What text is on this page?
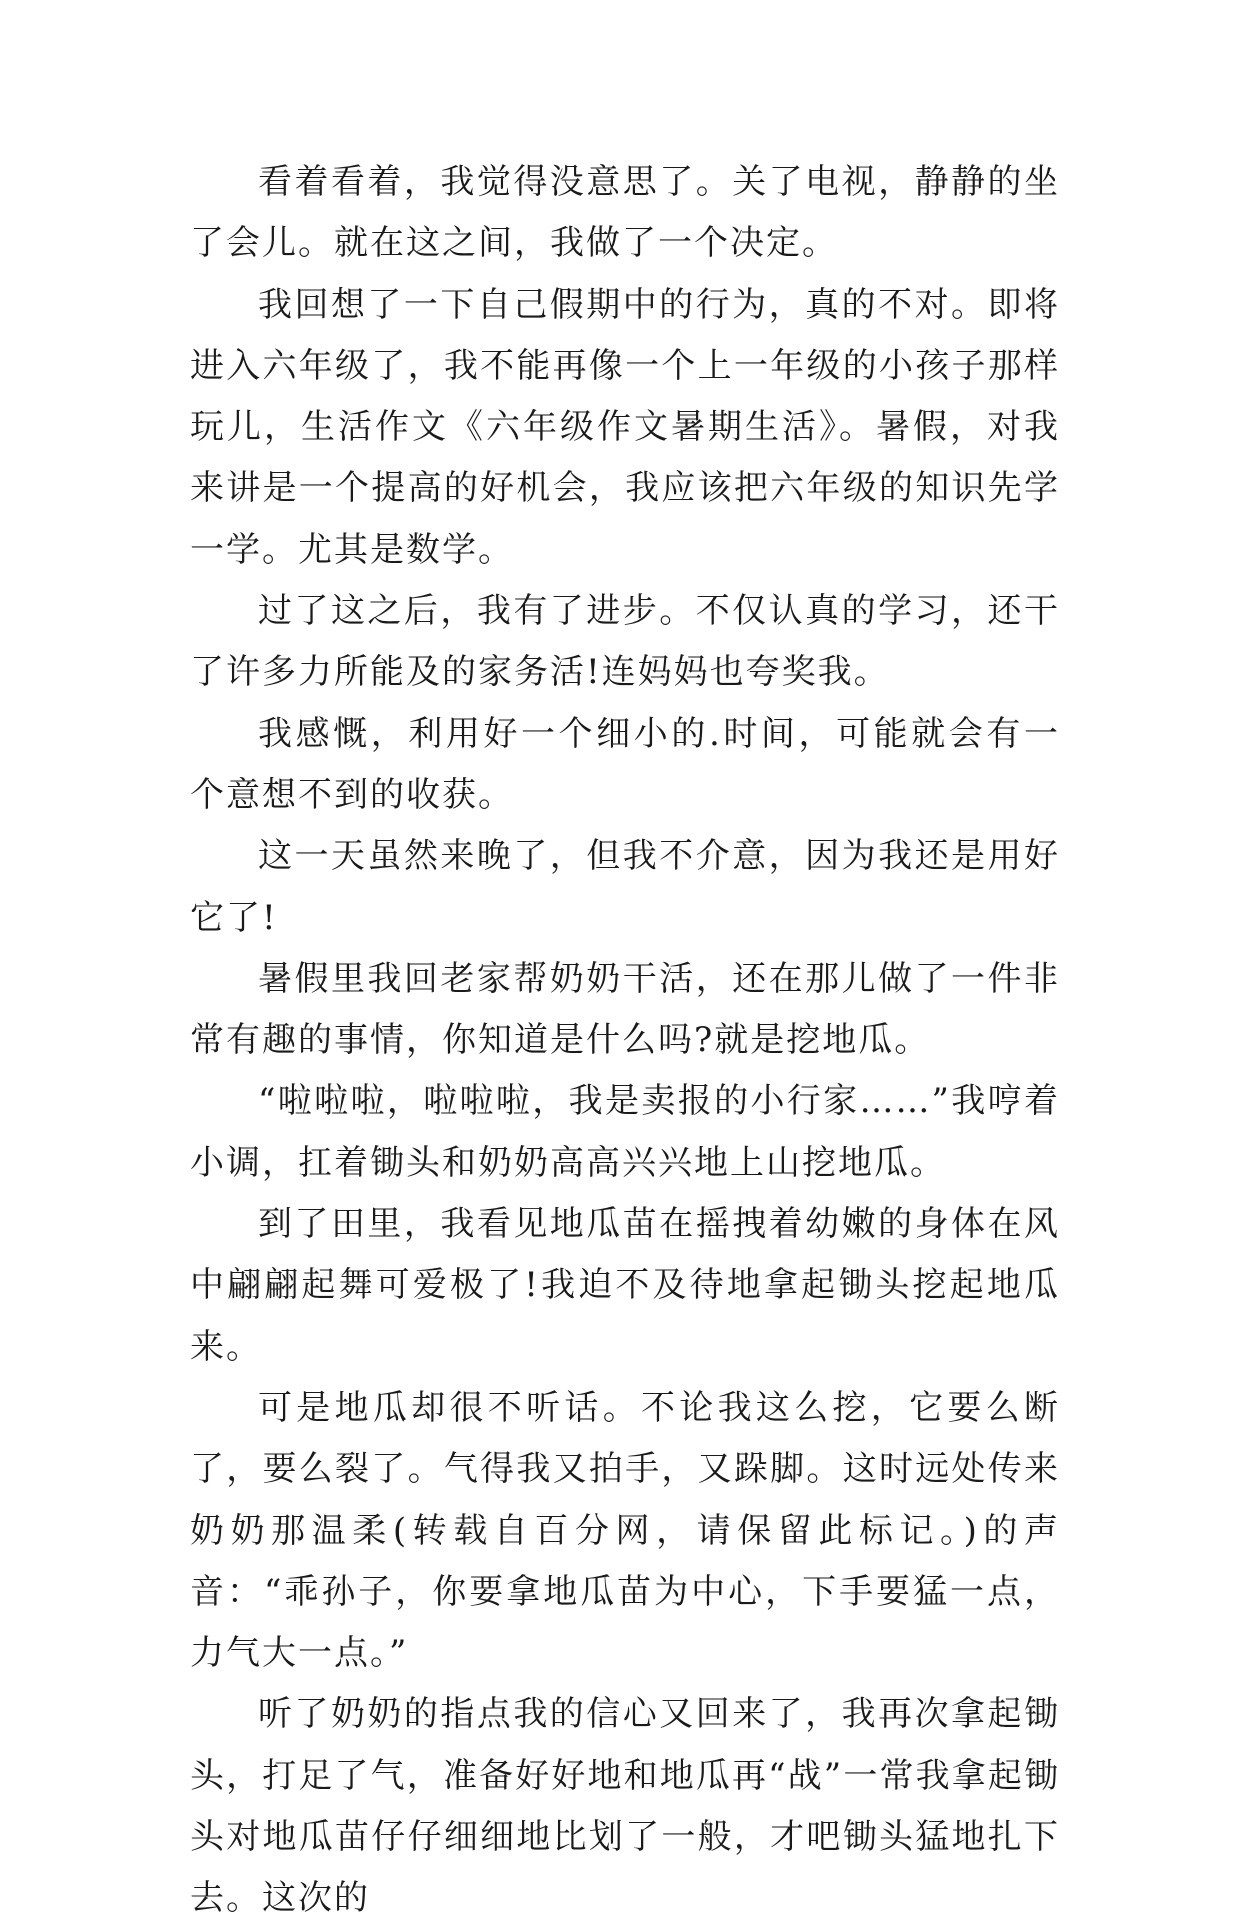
看着看着，我觉得没意思了。关了电视，静静的坐了会儿。就在这之间，我做了一个决定。

我回想了一下自己假期中的行为，真的不对。即将进入六年级了，我不能再像一个上一年级的小孩子那样玩儿，生活作文《六年级作文暑期生活》。暑假，对我来讲是一个提高的好机会，我应该把六年级的知识先学一学。尤其是数学。

过了这之后，我有了进步。不仅认真的学习，还干了许多力所能及的家务活!连妈妈也夸奖我。

我感慨，利用好一个细小的.时间，可能就会有一个意想不到的收获。

这一天虽然来晚了，但我不介意，因为我还是用好它了!

暑假里我回老家帮奶奶干活，还在那儿做了一件非常有趣的事情，你知道是什么吗?就是挖地瓜。

“啦啦啦，啦啦啦，我是卖报的小行家……”我哼着小调，扛着锄头和奶奶高高兴兴地上山挖地瓜。

到了田里，我看见地瓜苗在摇拽着幼嫩的身体在风中翩翩起舞可爱极了!我迫不及待地拿起锄头挖起地瓜来。

可是地瓜却很不听话。不论我这么挖，它要么断了，要么裂了。气得我又拍手，又跺脚。这时远处传来奶奶那温柔(转载自百分网，请保留此标记。)的声音：“乖孙子，你要拿地瓜苗为中心，下手要猛一点，力气大一点。”

听了奶奶的指点我的信心又回来了，我再次拿起锄头，打足了气，准备好好地和地瓜再“战”一常我拿起锄头对地瓜苗仔仔细细地比划了一般，才吧锄头猛地扎下去。这次的
